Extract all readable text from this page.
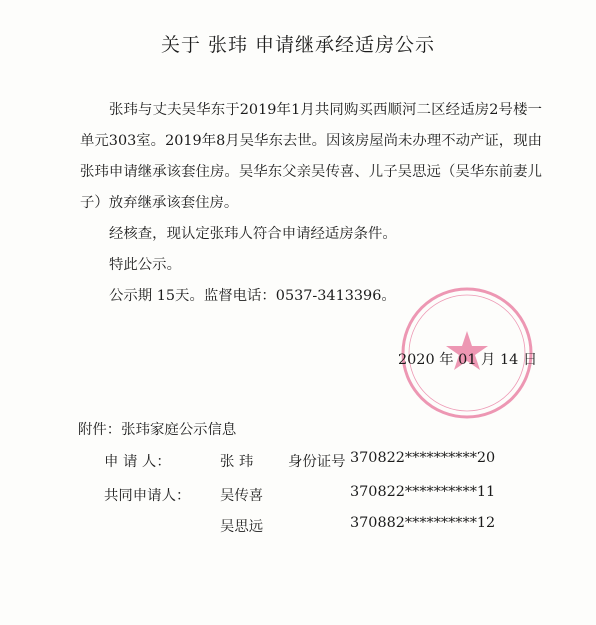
关于 张玮 申请继承经适房公示

张玮与丈夫吴华东于2019年1月共同购买西顺河二区经适房2号楼一单元303室。2019年8月吴华东去世。因该房屋尚未办理不动产证，现由张玮申请继承该套住房。吴华东父亲吴传喜、儿子吴思远（吴华东前妻儿子）放弃继承该套住房。

经核查，现认定张玮人符合申请经适房条件。

特此公示。

公示期 15天。监督电话：0537-3413396。

2020 年 01 月 14 日
附件：张玮家庭公示信息
申 请 人：	张 玮 身份证号 370822**********20
共同申请人： 吴传喜	370822**********11
吴思远	370882**********12
